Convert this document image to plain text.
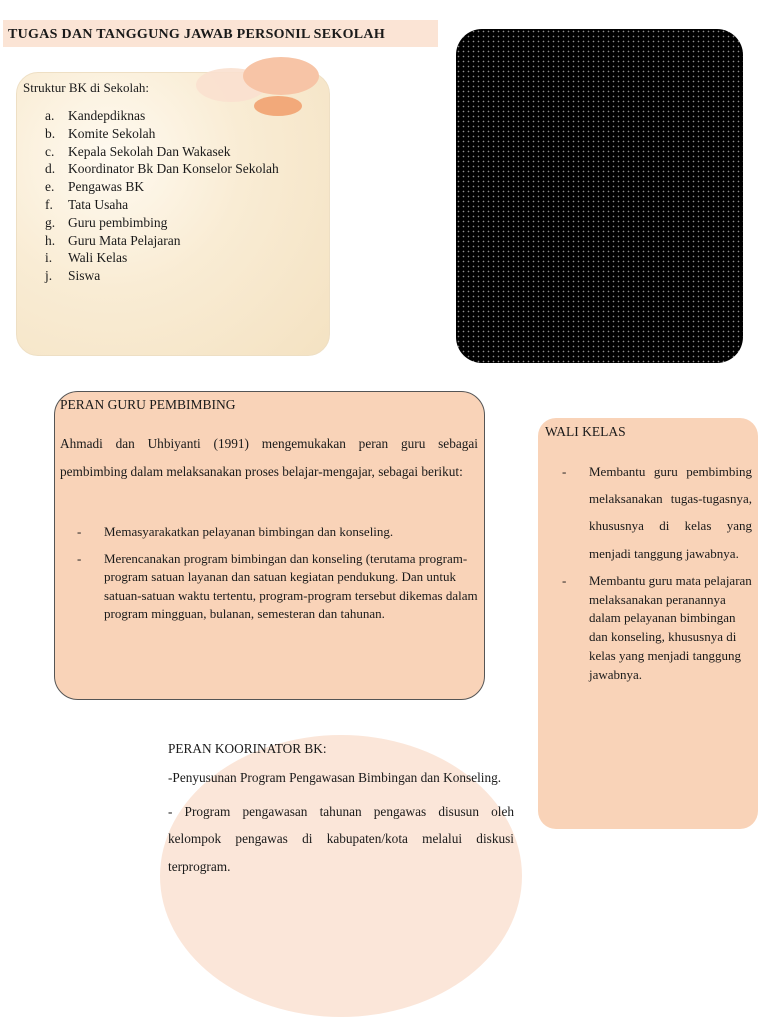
TUGAS DAN TANGGUNG JAWAB PERSONIL SEKOLAH
Struktur BK di Sekolah:
a.	Kandepdiknas
b. Komite Sekolah
c.	Kepala Sekolah Dan Wakasek
d. Koordinator Bk Dan Konselor Sekolah
e.	Pengawas BK
f.	Tata Usaha
g. Guru pembimbing
h. Guru Mata Pelajaran
i.	Wali Kelas
j.	Siswa
PERAN GURU PEMBIMBING

Ahmadi dan Uhbiyanti (1991) mengemukakan peran guru sebagai pembimbing dalam melaksanakan proses belajar-mengajar, sebagai berikut:

-	Memasyarakatkan pelayanan bimbingan dan konseling.
-	Merencanakan program bimbingan dan konseling (terutama program-program satuan layanan dan satuan kegiatan pendukung. Dan untuk satuan-satuan waktu tertentu, program-program tersebut dikemas dalam program mingguan, bulanan, semesteran dan tahunan.
WALI KELAS
-	Membantu guru pembimbing melaksanakan tugas-tugasnya, khususnya di kelas yang menjadi tanggung jawabnya.
-	Membantu guru mata pelajaran melaksanakan peranannya dalam pelayanan bimbingan dan konseling, khususnya di kelas yang menjadi tanggung jawabnya.
PERAN KOORINATOR BK:

-Penyusunan Program Pengawasan Bimbingan dan Konseling.

- Program pengawasan tahunan pengawas disusun oleh kelompok pengawas di kabupaten/kota melalui diskusi terprogram.
